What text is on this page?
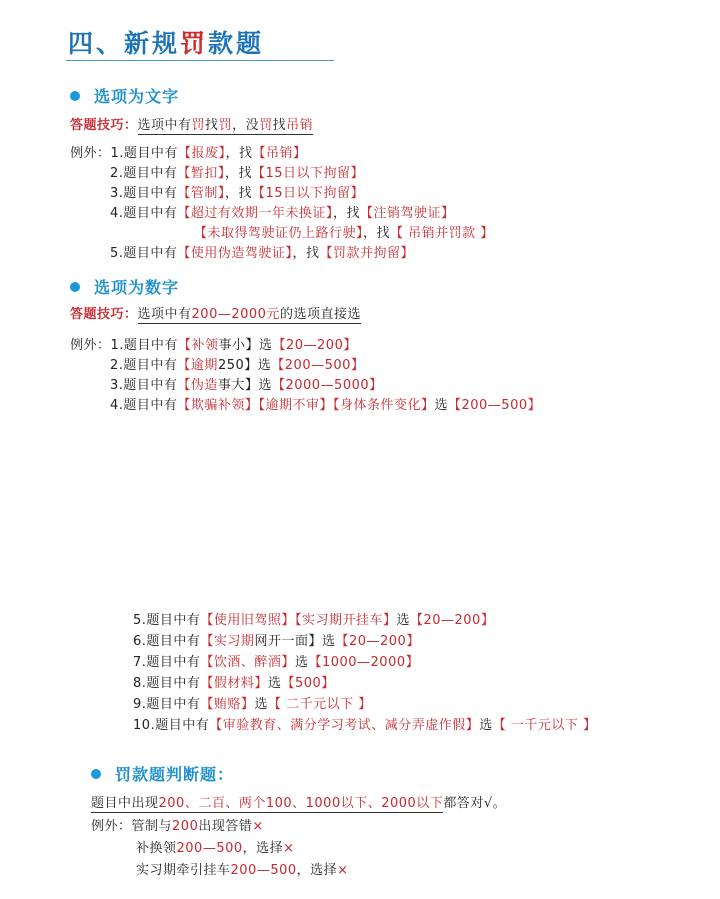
四、新规罚款题
选项为文字
答题技巧：选项中有罚找罚，没罚找吊销
例外：1.题目中有【报废】，找【吊销】
2.题目中有【暂扣】，找【15日以下拘留】
3.题目中有【管制】，找【15日以下拘留】
4.题目中有【超过有效期一年未换证】，找【注销驾驶证】
【未取得驾驶证仍上路行驶】，找【 吊销并罚款 】
5.题目中有【使用伪造驾驶证】，找【罚款并拘留】
选项为数字
答题技巧：选项中有200—2000元的选项直接选
例外：1.题目中有【补领事小】选【20—200】
2.题目中有【逾期250】选【200—500】
3.题目中有【伪造事大】选【2000—5000】
4.题目中有【欺骗补领】【逾期不审】【身体条件变化】选【200—500】
5.题目中有【使用旧驾照】【实习期开挂车】选【20—200】
6.题目中有【实习期网开一面】选【20—200】
7.题目中有【饮酒、醉酒】选【1000—2000】
8.题目中有【假材料】选【500】
9.题目中有【贿赂】选【 二千元以下 】
10.题目中有【审验教育、满分学习考试、减分弄虚作假】选【 一千元以下 】
罚款题判断题：
题目中出现200、二百、两个100、1000以下、2000以下都答对√。
例外：管制与200出现答错×
补换领200—500，选择×
实习期牵引挂车200—500，选择×
